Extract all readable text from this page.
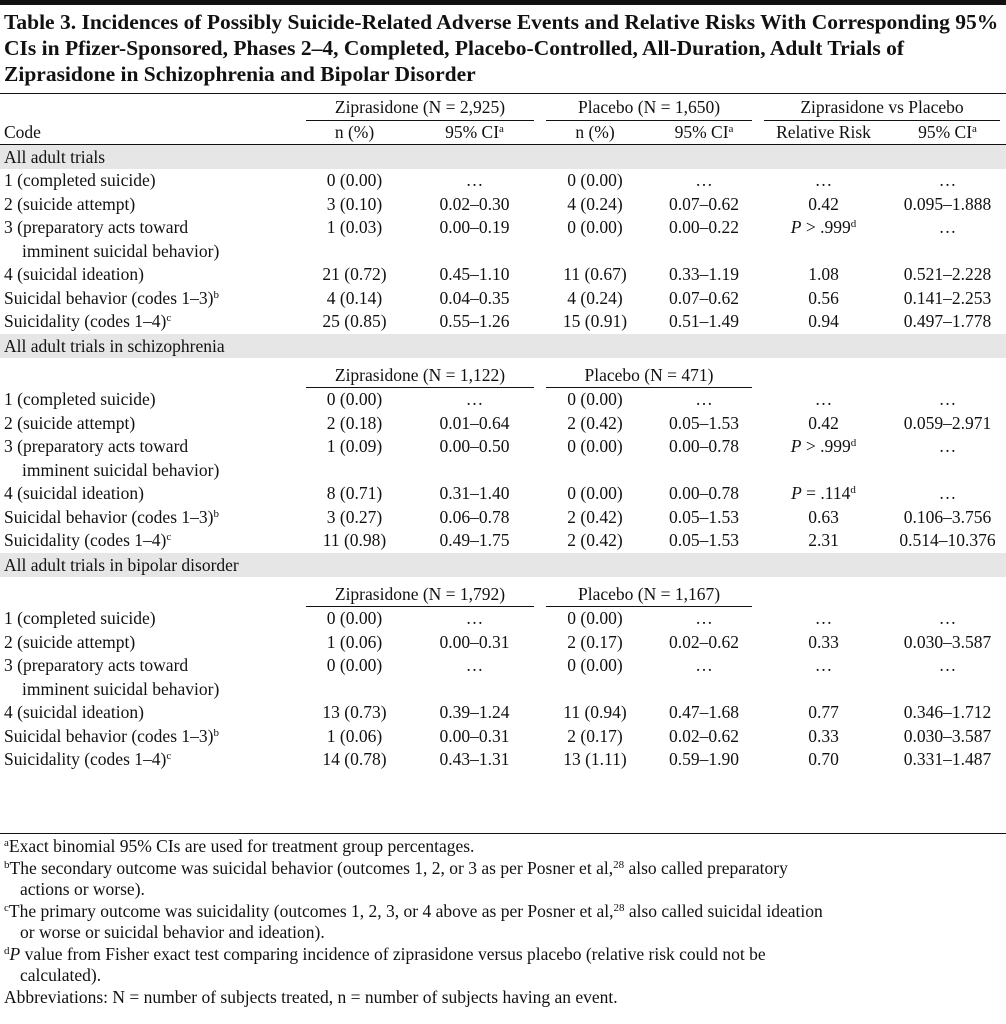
Table 3. Incidences of Possibly Suicide-Related Adverse Events and Relative Risks With Corresponding 95% CIs in Pfizer-Sponsored, Phases 2–4, Completed, Placebo-Controlled, All-Duration, Adult Trials of Ziprasidone in Schizophrenia and Bipolar Disorder

	Ziprasidone (N = 2,925)		Placebo (N = 1,650)		Ziprasidone vs Placebo	

Code	n (%)	95% $CI^a$	n (%)	95% $CI^a$	Relative Risk	95% $CI^a$
All adult trials						
1 (completed suicide)	0 (0.00)	…	0 (0.00)	…	…	…
2 (suicide attempt)	3 (0.10)	0.02–0.30	4 (0.24)	0.07–0.62	0.42	0.095–1.888
3 (preparatory acts toward
imminent suicidal behavior)	1 (0.03)	0.00–0.19	0 (0.00)	0.00–0.22	P > .999$^d$	…
4 (suicidal ideation)	21 (0.72)	0.45–1.10	11 (0.67)	0.33–1.19	1.08	0.521–2.228
Suicidal behavior (codes 1–3)$^b$	4 (0.14)	0.04–0.35	4 (0.24)	0.07–0.62	0.56	0.141–2.253
Suicidality (codes 1–4)$^c$	25 (0.85)	0.55–1.26	15 (0.91)	0.51–1.49	0.94	0.497–1.778
All adult trials in schizophrenia						

	Ziprasidone (N = 1,122)		Placebo (N = 471)			

1 (completed suicide)	0 (0.00)	…	0 (0.00)	…	…	…
2 (suicide attempt)	2 (0.18)	0.01–0.64	2 (0.42)	0.05–1.53	0.42	0.059–2.971
3 (preparatory acts toward
imminent suicidal behavior)	1 (0.09)	0.00–0.50	0 (0.00)	0.00–0.78	P > .999$^d$	…
4 (suicidal ideation)	8 (0.71)	0.31–1.40	0 (0.00)	0.00–0.78	P = .114$^d$	…
Suicidal behavior (codes 1–3)$^b$	3 (0.27)	0.06–0.78	2 (0.42)	0.05–1.53	0.63	0.106–3.756
Suicidality (codes 1–4)$^c$	11 (0.98)	0.49–1.75	2 (0.42)	0.05–1.53	2.31	0.514–10.376
All adult trials in bipolar disorder						

	Ziprasidone (N = 1,792)		Placebo (N = 1,167)			

1 (completed suicide)	0 (0.00)	…	0 (0.00)	…	…	…
2 (suicide attempt)	1 (0.06)	0.00–0.31	2 (0.17)	0.02–0.62	0.33	0.030–3.587
3 (preparatory acts toward
imminent suicidal behavior)	0 (0.00)	…	0 (0.00)	…	…	…
4 (suicidal ideation)	13 (0.73)	0.39–1.24	11 (0.94)	0.47–1.68	0.77	0.346–1.712
Suicidal behavior (codes 1–3)$^b$	1 (0.06)	0.00–0.31	2 (0.17)	0.02–0.62	0.33	0.030–3.587
Suicidality (codes 1–4)$^c$	14 (0.78)	0.43–1.31	13 (1.11)	0.59–1.90	0.70	0.331–1.487
$^a$Exact binomial 95% CIs are used for treatment group percentages.
$^b$The secondary outcome was suicidal behavior (outcomes 1, 2, or 3 as per Posner et al,$^{28}$ also called preparatory
actions or worse).
$^c$The primary outcome was suicidality (outcomes 1, 2, 3, or 4 above as per Posner et al,$^{28}$ also called suicidal ideation
or worse or suicidal behavior and ideation).
$^d$P value from Fisher exact test comparing incidence of ziprasidone versus placebo (relative risk could not be
calculated).
Abbreviations: N = number of subjects treated, n = number of subjects having an event.
